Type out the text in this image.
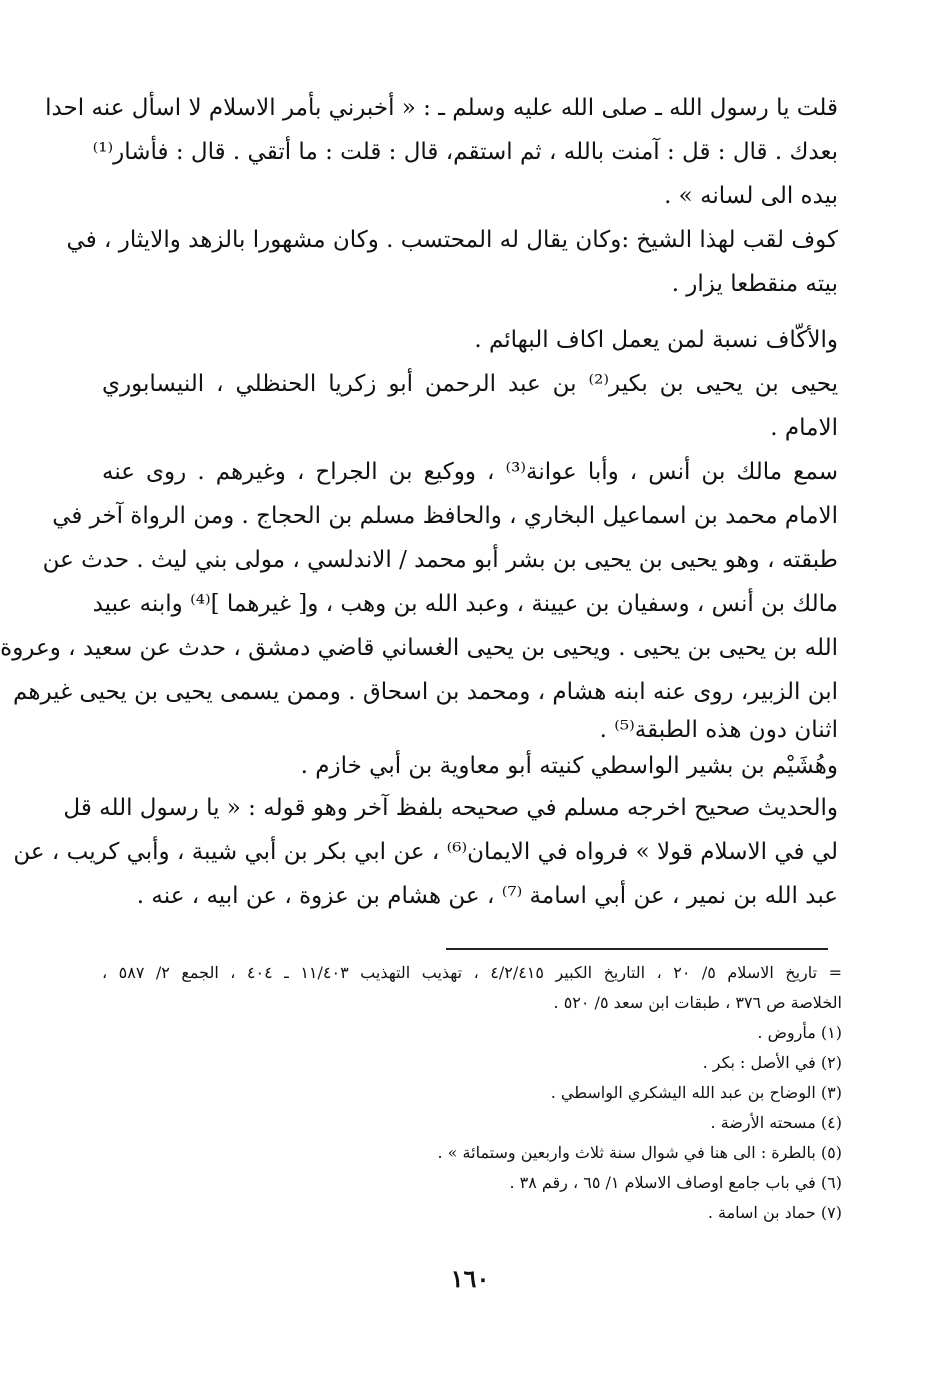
قلت يا رسول الله ـ صلى الله عليه وسلم ـ : « أخبرني بأمر الاسلام لا اسأل عنه احدا
بعدك . قال : قل : آمنت بالله ، ثم استقم، قال : قلت : ما أتقي . قال : فأشار⁽¹⁾
بيده الى لسانه » .
كوف لقب لهذا الشيخ :وكان يقال له المحتسب . وكان مشهورا بالزهد والايثار ، في
بيته منقطعا يزار .
والأكّاف نسبة لمن يعمل اكاف البهائم .
يحيى بن يحيى بن بكير⁽²⁾ بن عبد الرحمن أبو زكريا الحنظلي ، النيسابوري
الامام .
سمع مالك بن أنس ، وأبا عوانة⁽³⁾ ، ووكيع بن الجراح ، وغيرهم . روى عنه
الامام محمد بن اسماعيل البخاري ، والحافظ مسلم بن الحجاج . ومن الرواة آخر في
طبقته ، وهو يحيى بن يحيى بن بشر أبو محمد / الاندلسي ، مولى بني ليث . حدث عن
مالك بن أنس ، وسفيان بن عيينة ، وعبد الله بن وهب ، و[ غيرهما ]⁽⁴⁾ وابنه عبيد
الله بن يحيى بن يحيى . ويحيى بن يحيى الغساني قاضي دمشق ، حدث عن سعيد ، وعروة
ابن الزبير، روى عنه ابنه هشام ، ومحمد بن اسحاق . وممن يسمى يحيى بن يحيى غيرهم
اثنان دون هذه الطبقة⁽⁵⁾ .
وهُشَيْم بن بشير الواسطي كنيته أبو معاوية بن أبي خازم .
والحديث صحيح اخرجه مسلم في صحيحه بلفظ آخر وهو قوله : « يا رسول الله قل
لي في الاسلام قولا » فرواه في الايمان⁽⁶⁾ ، عن ابي بكر بن أبي شيبة ، وأبي كريب ، عن
عبد الله بن نمير ، عن أبي اسامة ⁽⁷⁾ ، عن هشام بن عزوة ، عن ابيه ، عنه .
= تاريخ الاسلام ٥/ ٢٠ ، التاريخ الكبير ٤/٢/٤١٥ ، تهذيب التهذيب ١١/٤٠٣ ـ ٤٠٤ ، الجمع ٢/ ٥٨٧ ،
الخلاصة ص ٣٧٦ ، طبقات ابن سعد ٥/ ٥٢٠ .
(١) مأروض .
(٢) في الأصل : بكر .
(٣) الوضاح بن عبد الله اليشكري الواسطي .
(٤) مسحته الأرضة .
(٥) بالطرة : الى هنا في شوال سنة ثلاث واربعين وستمائة » .
(٦) في باب جامع اوصاف الاسلام ١/ ٦٥ ، رقم ٣٨ .
(٧) حماد بن اسامة .
١٦٠
